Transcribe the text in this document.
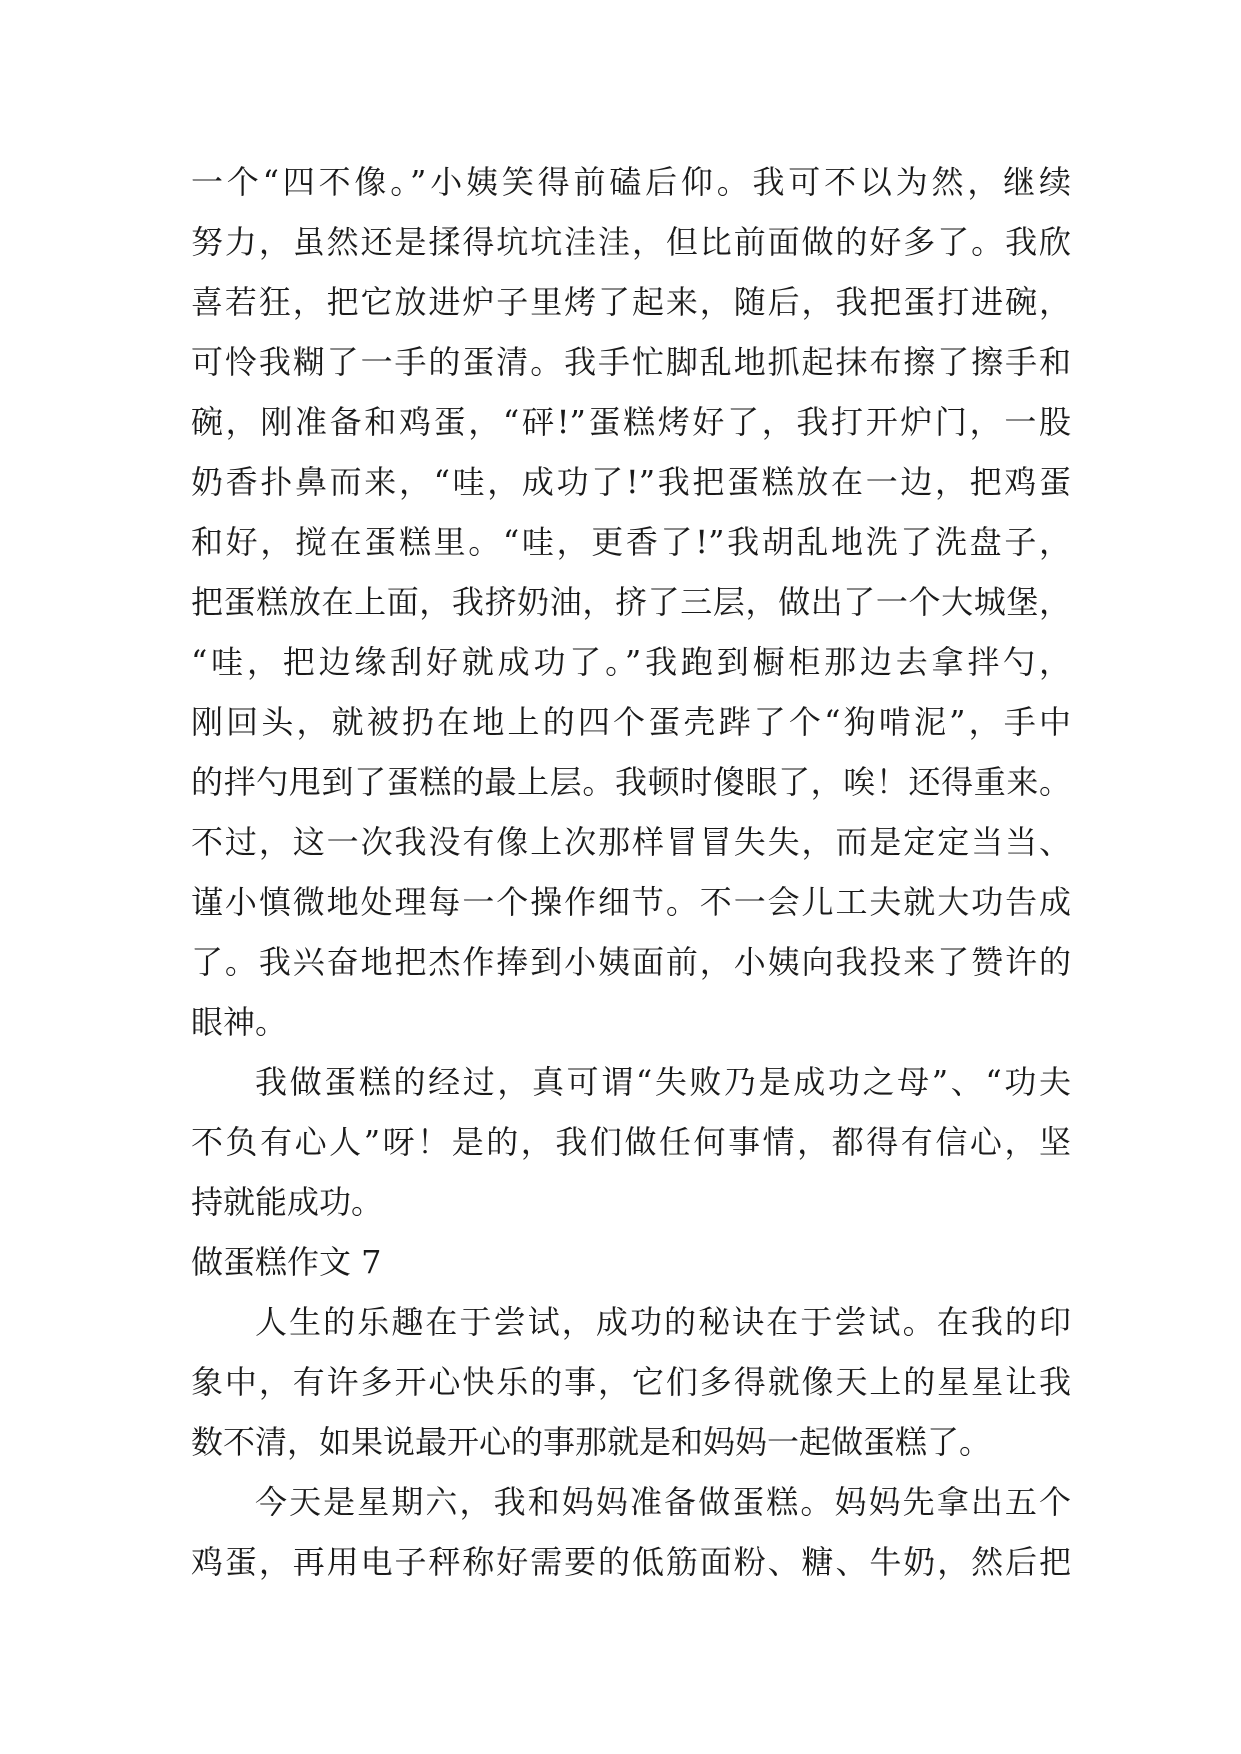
一个“四不像。”小姨笑得前磕后仰。我可不以为然，继续
努力，虽然还是揉得坑坑洼洼，但比前面做的好多了。我欣
喜若狂，把它放进炉子里烤了起来，随后，我把蛋打进碗，
可怜我糊了一手的蛋清。我手忙脚乱地抓起抹布擦了擦手和
碗，刚准备和鸡蛋，“砰!”蛋糕烤好了，我打开炉门，一股
奶香扑鼻而来，“哇，成功了!”我把蛋糕放在一边，把鸡蛋
和好，搅在蛋糕里。“哇，更香了!”我胡乱地洗了洗盘子，
把蛋糕放在上面，我挤奶油，挤了三层，做出了一个大城堡，
“哇，把边缘刮好就成功了。”我跑到橱柜那边去拿拌勺，
刚回头，就被扔在地上的四个蛋壳跸了个“狗啃泥”，手中
的拌勺甩到了蛋糕的最上层。我顿时傻眼了，唉！还得重来。
不过，这一次我没有像上次那样冒冒失失，而是定定当当、
谨小慎微地处理每一个操作细节。不一会儿工夫就大功告成
了。我兴奋地把杰作捧到小姨面前，小姨向我投来了赞许的
眼神。
我做蛋糕的经过，真可谓“失败乃是成功之母”、“功夫
不负有心人”呀！是的，我们做任何事情，都得有信心，坚
持就能成功。
做蛋糕作文 7
人生的乐趣在于尝试，成功的秘诀在于尝试。在我的印
象中，有许多开心快乐的事，它们多得就像天上的星星让我
数不清，如果说最开心的事那就是和妈妈一起做蛋糕了。
今天是星期六，我和妈妈准备做蛋糕。妈妈先拿出五个
鸡蛋，再用电子秤称好需要的低筋面粉、糖、牛奶，然后把
